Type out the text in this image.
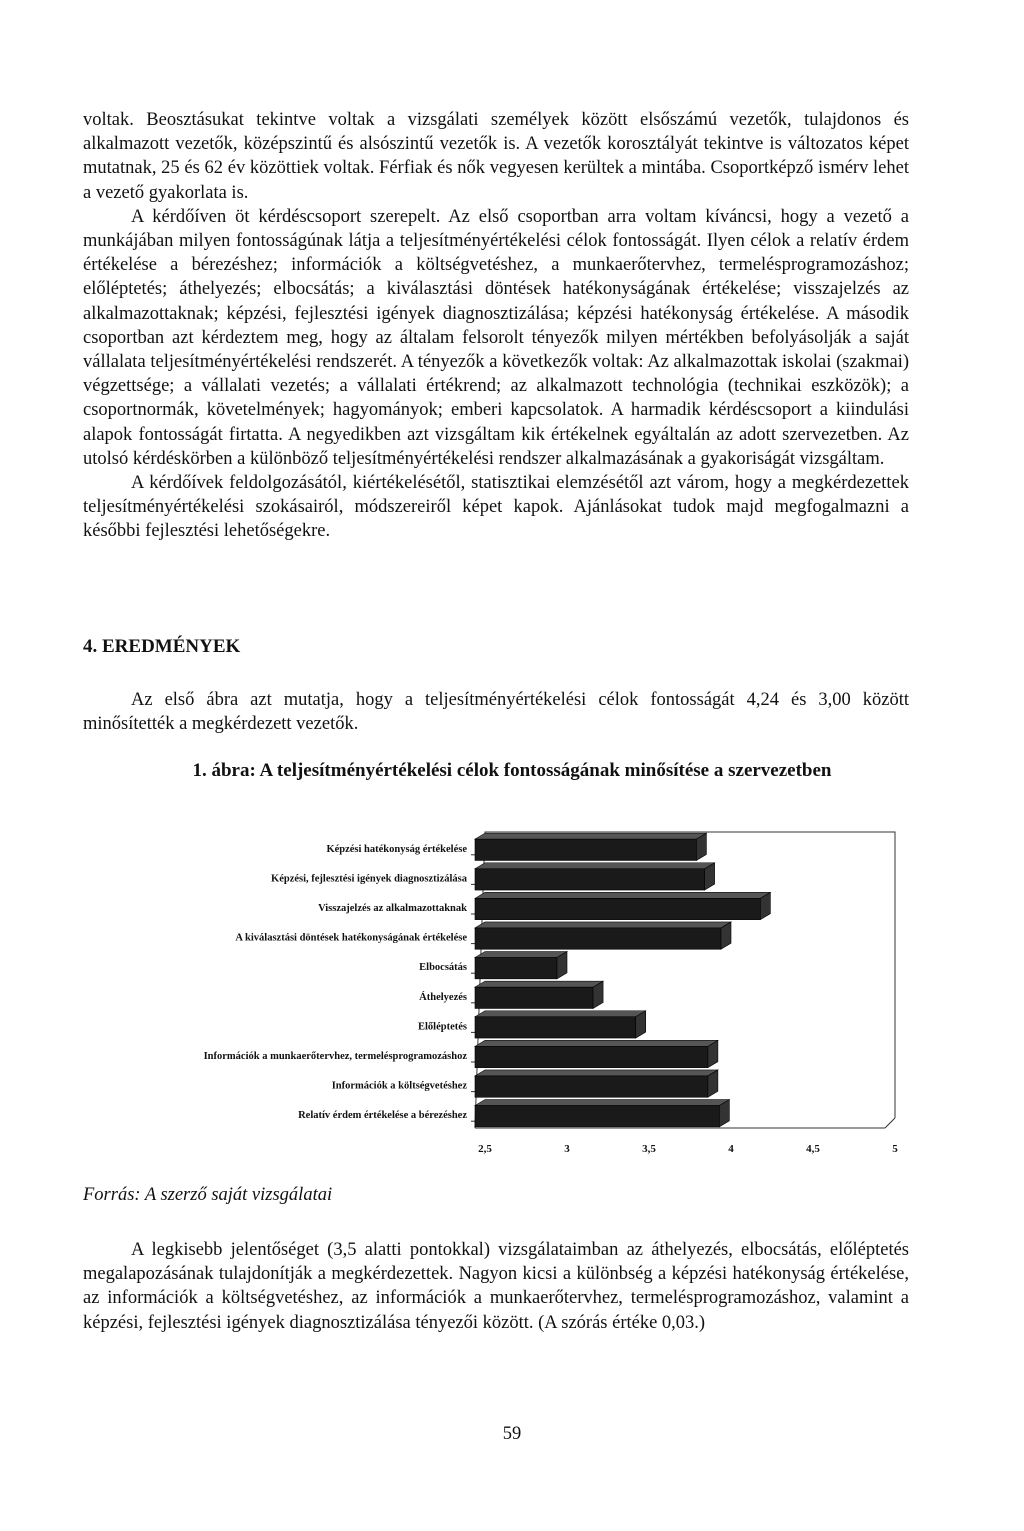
voltak. Beosztásukat tekintve voltak a vizsgálati személyek között elsőszámú vezetők, tulajdonos és alkalmazott vezetők, középszintű és alsószintű vezetők is. A vezetők korosztályát tekintve is változatos képet mutatnak, 25 és 62 év közöttiek voltak. Férfiak és nők vegyesen kerültek a mintába. Csoportképző ismérv lehet a vezető gyakorlata is.

A kérdőíven öt kérdéscsoport szerepelt. Az első csoportban arra voltam kíváncsi, hogy a vezető a munkájában milyen fontosságúnak látja a teljesítményértékelési célok fontosságát. Ilyen célok a relatív érdem értékelése a bérezéshez; információk a költségvetéshez, a munkaerőtervhez, termelésprogramozáshoz; előléptetés; áthelyezés; elbocsátás; a kiválasztási döntések hatékonyságának értékelése; visszajelzés az alkalmazottaknak; képzési, fejlesztési igények diagnosztizálása; képzési hatékonyság értékelése. A második csoportban azt kérdeztem meg, hogy az általam felsorolt tényezők milyen mértékben befolyásolják a saját vállalata teljesítményértékelési rendszerét. A tényezők a következők voltak: Az alkalmazottak iskolai (szakmai) végzettsége; a vállalati vezetés; a vállalati értékrend; az alkalmazott technológia (technikai eszközök); a csoportnormák, követelmények; hagyományok; emberi kapcsolatok. A harmadik kérdéscsoport a kiindulási alapok fontosságát firtatta. A negyedikben azt vizsgáltam kik értékelnek egyáltalán az adott szervezetben. Az utolsó kérdéskörben a különböző teljesítményértékelési rendszer alkalmazásának a gyakoriságát vizsgáltam.

A kérdőívek feldolgozásától, kiértékelésétől, statisztikai elemzésétől azt várom, hogy a megkérdezettek teljesítményértékelési szokásairól, módszereiről képet kapok. Ajánlásokat tudok majd megfogalmazni a későbbi fejlesztési lehetőségekre.

4. EREDMÉNYEK

Az első ábra azt mutatja, hogy a teljesítményértékelési célok fontosságát 4,24 és 3,00 között minősítették a megkérdezett vezetők.

1. ábra: A teljesítményértékelési célok fontosságának minősítése a szervezetben
Képzési hatékonyság értékelése
Képzési, fejlesztési igények diagnosztizálása
Visszajelzés az alkalmazottaknak
A kiválasztási döntések hatékonyságának értékelése
Elbocsátás
Áthelyezés
Előléptetés
Információk a munkaerőtervhez, termelésprogramozáshoz
Információk a költségvetéshez
Relatív érdem értékelése a bérezéshez
2,5	3	3,5	4	4,5	5
Forrás: A szerző saját vizsgálatai

A legkisebb jelentőséget (3,5 alatti pontokkal) vizsgálataimban az áthelyezés, elbocsátás, előléptetés megalapozásának tulajdonítják a megkérdezettek. Nagyon kicsi a különbség a képzési hatékonyság értékelése, az információk a költségvetéshez, az információk a munkaerőtervhez, termelésprogramozáshoz, valamint a képzési, fejlesztési igények diagnosztizálása tényezői között. (A szórás értéke 0,03.)

59
